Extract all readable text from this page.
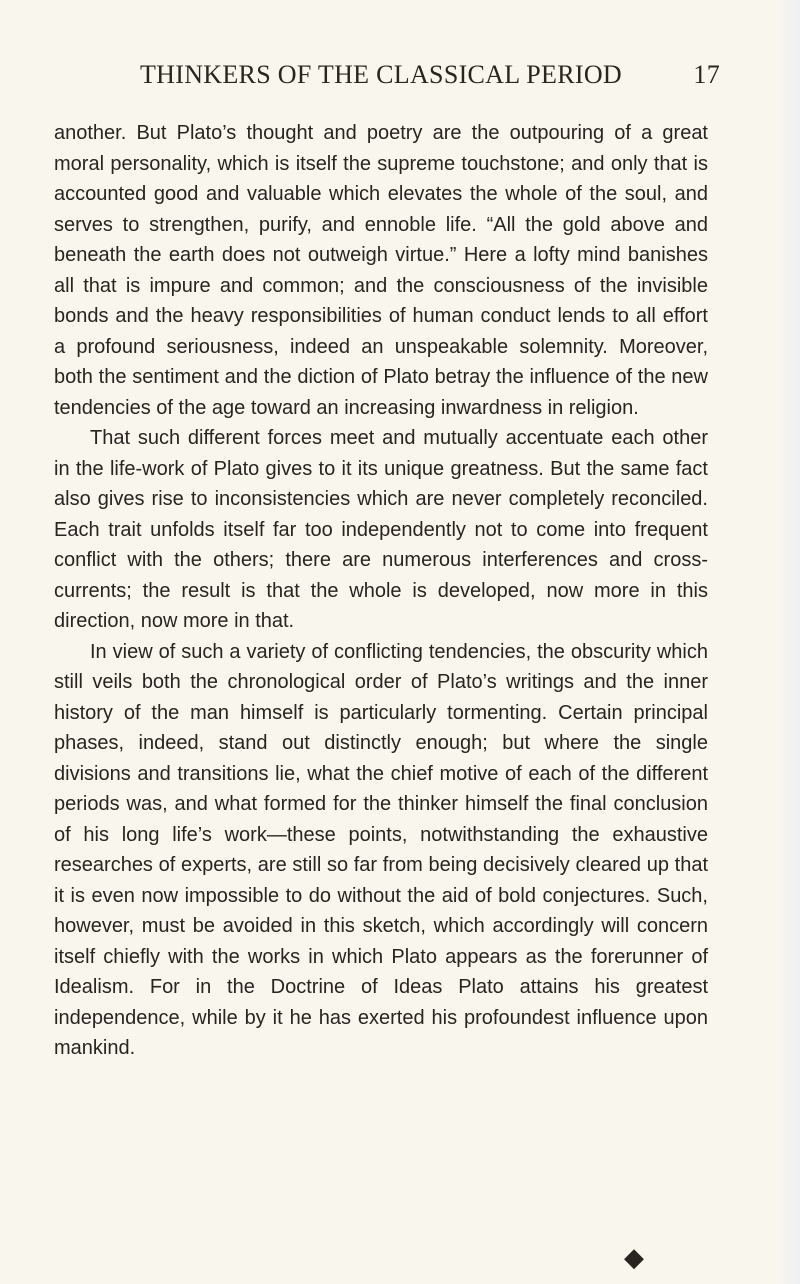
THINKERS OF THE CLASSICAL PERIOD	17

another. But Plato’s thought and poetry are the outpouring of a great moral personality, which is itself the supreme touchstone; and only that is accounted good and valuable which elevates the whole of the soul, and serves to strengthen, purify, and ennoble life. “All the gold above and beneath the earth does not outweigh virtue.” Here a lofty mind banishes all that is impure and common; and the consciousness of the invisible bonds and the heavy responsibilities of human conduct lends to all effort a profound seriousness, indeed an unspeakable solemnity. Moreover, both the sentiment and the diction of Plato betray the influence of the new tendencies of the age toward an increasing inwardness in religion.

That such different forces meet and mutually accentuate each other in the life-work of Plato gives to it its unique greatness. But the same fact also gives rise to inconsistencies which are never completely reconciled. Each trait unfolds itself far too independently not to come into frequent conflict with the others; there are numerous interferences and cross-currents; the result is that the whole is developed, now more in this direction, now more in that.

In view of such a variety of conflicting tendencies, the obscurity which still veils both the chronological order of Plato’s writings and the inner history of the man himself is particularly tormenting. Certain principal phases, indeed, stand out distinctly enough; but where the single divisions and transitions lie, what the chief motive of each of the different periods was, and what formed for the thinker himself the final conclusion of his long life’s work—these points, notwithstanding the exhaustive researches of experts, are still so far from being decisively cleared up that it is even now impossible to do without the aid of bold conjectures. Such, however, must be avoided in this sketch, which accordingly will concern itself chiefly with the works in which Plato appears as the forerunner of Idealism. For in the Doctrine of Ideas Plato attains his greatest independence, while by it he has exerted his profoundest influence upon mankind.

◆
